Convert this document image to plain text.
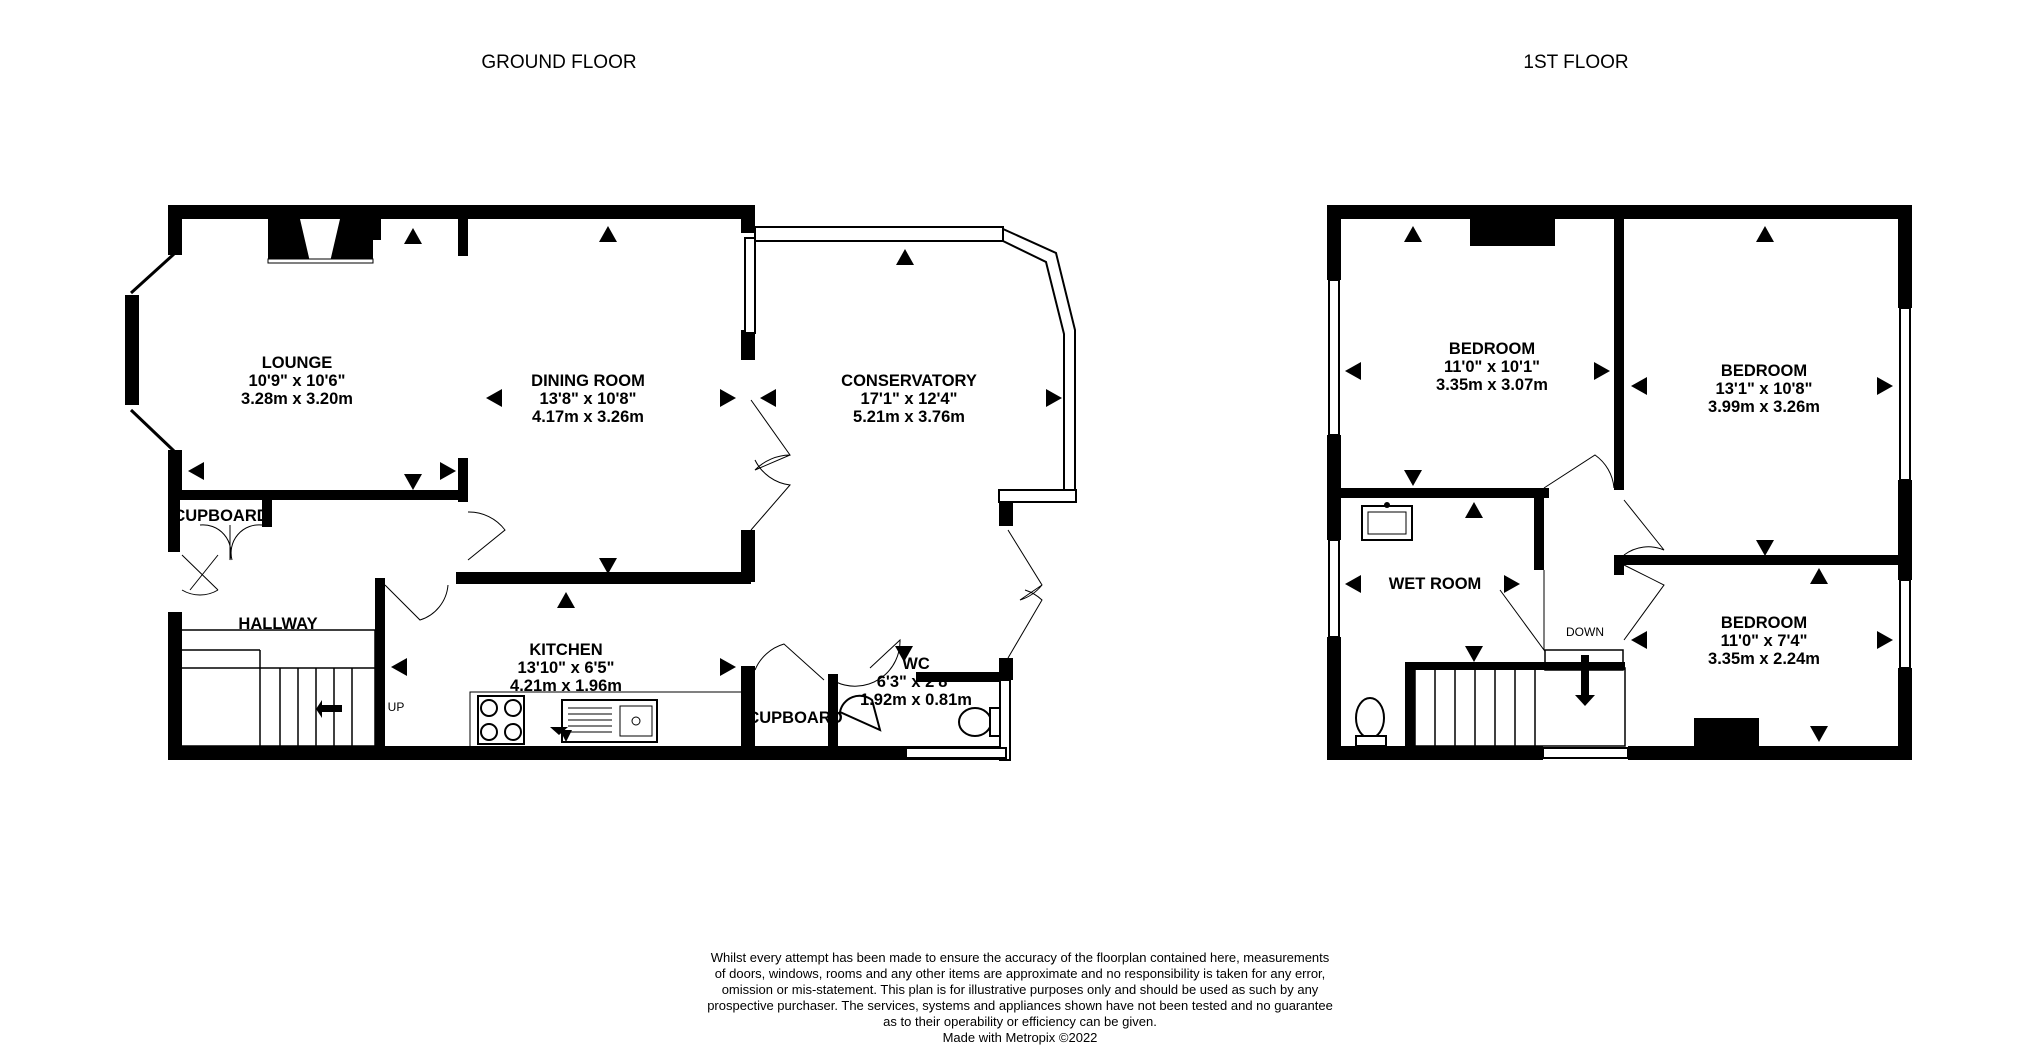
GROUND FLOOR	1ST FLOOR
LOUNGE
10'9" x 10'6"
3.28m x 3.20m
DINING ROOM
13'8" x 10'8"
4.17m x 3.26m
CONSERVATORY
17'1" x 12'4"
5.21m x 3.76m
KITCHEN
13'10" x 6'5"
4.21m x 1.96m
WC
6'3" x 2'8"
1.92m x 0.81m
HALLWAY
CUPBOARD
CUPBOARD
UP
BEDROOM
11'0" x 10'1"
3.35m x 3.07m
BEDROOM
13'1" x 10'8"
3.99m x 3.26m
BEDROOM
11'0" x 7'4"
3.35m x 2.24m
WET ROOM
DOWN
Whilst every attempt has been made to ensure the accuracy of the floorplan contained here, measurements
of doors, windows, rooms and any other items are approximate and no responsibility is taken for any error,
omission or mis-statement. This plan is for illustrative purposes only and should be used as such by any
prospective purchaser. The services, systems and appliances shown have not been tested and no guarantee
as to their operability or efficiency can be given.
Made with Metropix ©2022
